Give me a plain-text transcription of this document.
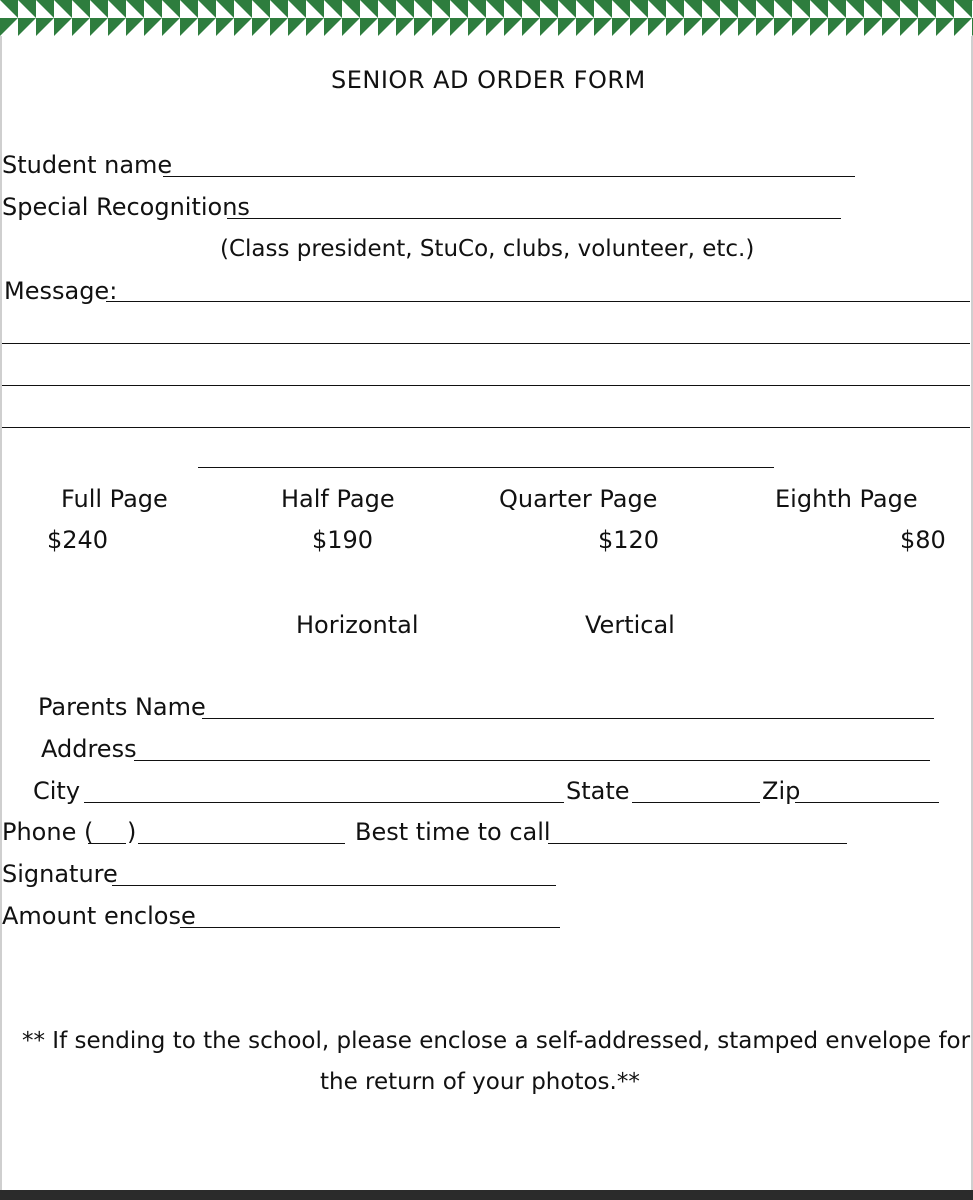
SENIOR AD ORDER FORM
Student name
Special Recognitions
(Class president, StuCo, clubs, volunteer, etc.)
Message:
Full Page
$240
Half Page
$190
Quarter Page
$120
Eighth Page
$80
Horizontal	Vertical
Parents Name
Address
City	State	Zip
Phone ( )	Best time to call
Signature
Amount enclose
** If sending to the school, please enclose a self-addressed, stamped envelope for
the return of your photos.**
